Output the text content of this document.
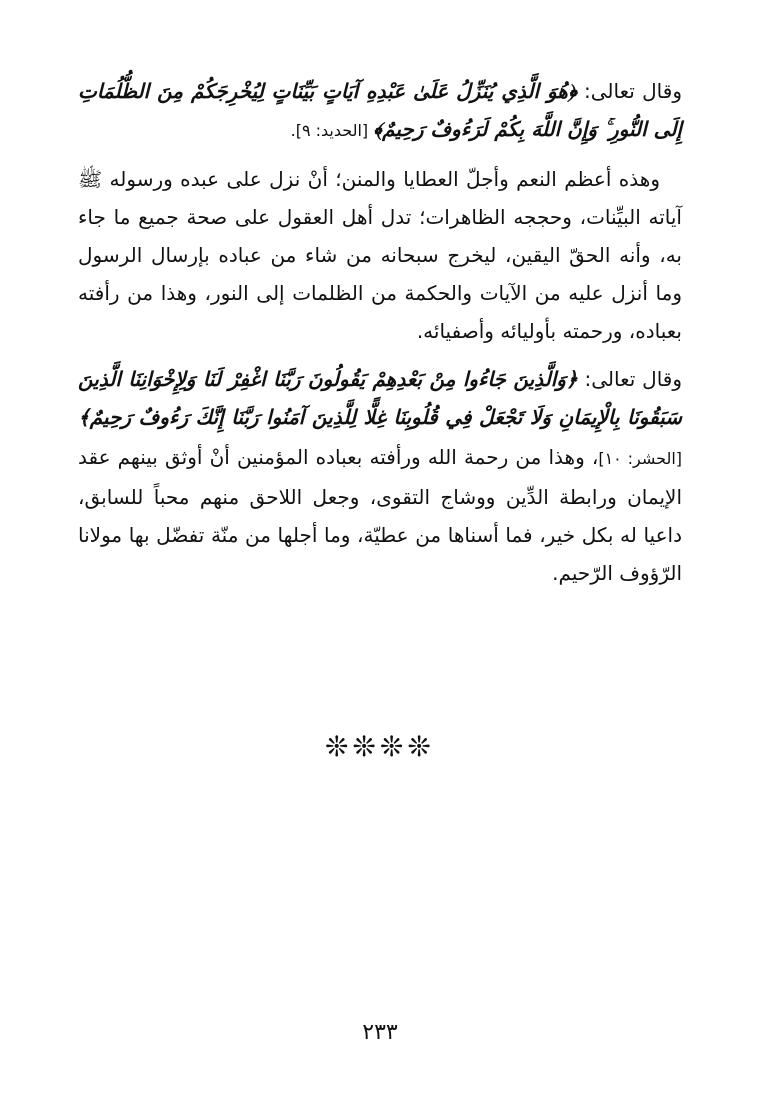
وقال تعالى: ﴿هُوَ الَّذِي يُنَزِّلُ عَلَىٰ عَبْدِهِ آيَاتٍ بَيِّنَاتٍ لِيُخْرِجَكُمْ مِنَ الظُّلُمَاتِ إِلَى النُّورِ ۚ وَإِنَّ اللَّهَ بِكُمْ لَرَءُوفٌ رَحِيمٌ﴾ [الحديد: ٩].

وهذه أعظم النعم وأجلّ العطايا والمنن؛ أنْ نزل على عبده ورسوله ﷺ آياته البيِّنات، وحججه الظاهرات؛ تدل أهل العقول على صحة جميع ما جاء به، وأنه الحقّ اليقين، ليخرج سبحانه من شاء من عباده بإرسال الرسول وما أنزل عليه من الآيات والحكمة من الظلمات إلى النور، وهذا من رأفته بعباده، ورحمته بأوليائه وأصفيائه.

وقال تعالى: ﴿وَالَّذِينَ جَاءُوا مِنْ بَعْدِهِمْ يَقُولُونَ رَبَّنَا اغْفِرْ لَنَا وَلِإِخْوَانِنَا الَّذِينَ سَبَقُونَا بِالْإِيمَانِ وَلَا تَجْعَلْ فِي قُلُوبِنَا غِلًّا لِلَّذِينَ آمَنُوا رَبَّنَا إِنَّكَ رَءُوفٌ رَحِيمٌ﴾ [الحشر: ١٠]، وهذا من رحمة الله ورأفته بعباده المؤمنين أنْ أوثق بينهم عقد الإيمان ورابطة الدِّين ووشاج التقوى، وجعل اللاحق منهم محباً للسابق، داعيا له بكل خير، فما أسناها من عطيّة، وما أجلها من منّة تفضّل بها مولانا الرّؤوف الرّحيم.

❊❊❊❊
٢٣٣
